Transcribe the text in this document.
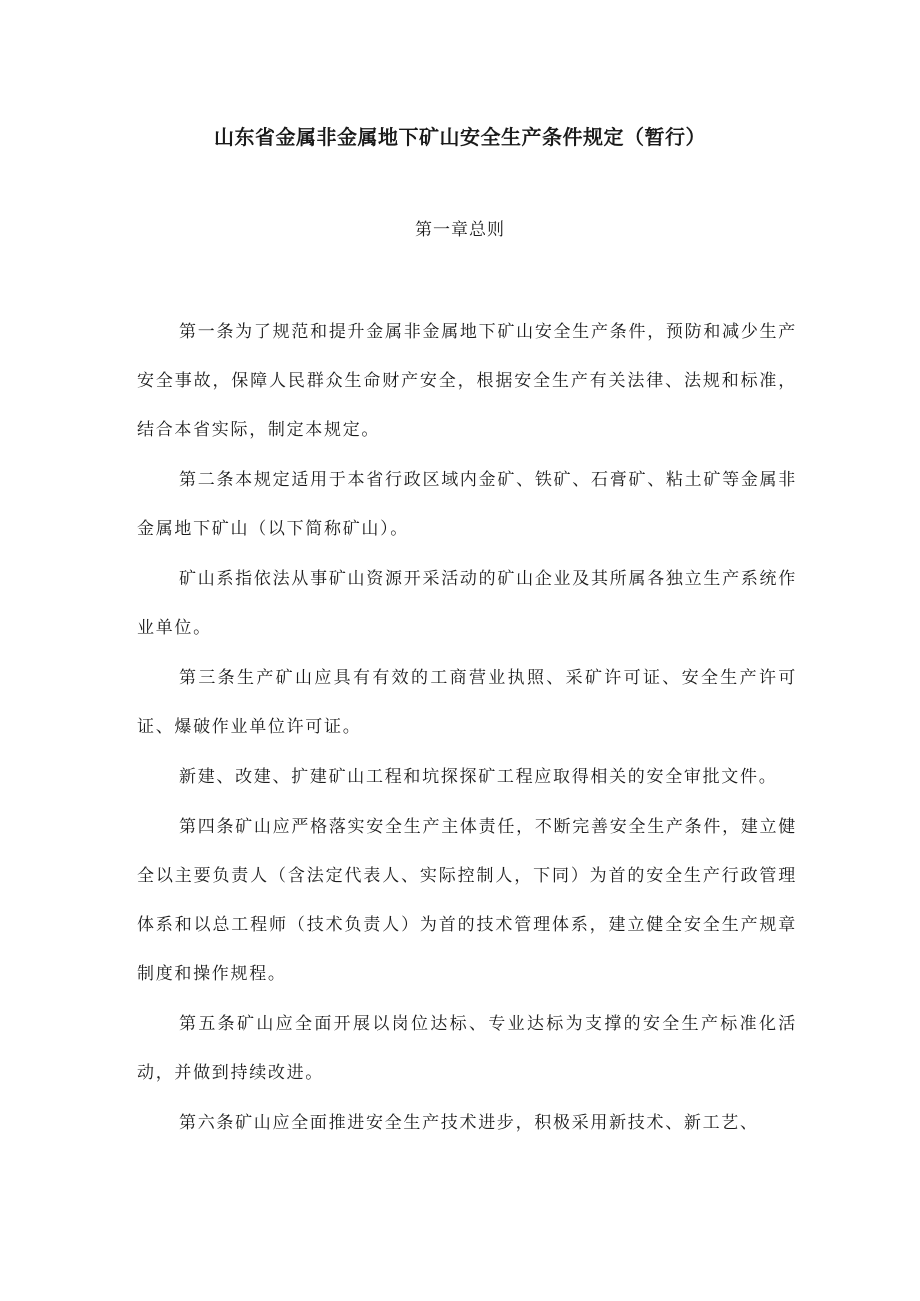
山东省金属非金属地下矿山安全生产条件规定（暂行）
第一章总则

第一条为了规范和提升金属非金属地下矿山安全生产条件，预防和减少生产安全事故，保障人民群众生命财产安全，根据安全生产有关法律、法规和标准，结合本省实际，制定本规定。

第二条本规定适用于本省行政区域内金矿、铁矿、石膏矿、粘土矿等金属非金属地下矿山（以下简称矿山）。

矿山系指依法从事矿山资源开采活动的矿山企业及其所属各独立生产系统作业单位。

第三条生产矿山应具有有效的工商营业执照、采矿许可证、安全生产许可证、爆破作业单位许可证。

新建、改建、扩建矿山工程和坑探探矿工程应取得相关的安全审批文件。

第四条矿山应严格落实安全生产主体责任，不断完善安全生产条件，建立健全以主要负责人（含法定代表人、实际控制人，下同）为首的安全生产行政管理体系和以总工程师（技术负责人）为首的技术管理体系，建立健全安全生产规章制度和操作规程。

第五条矿山应全面开展以岗位达标、专业达标为支撑的安全生产标准化活动，并做到持续改进。

第六条矿山应全面推进安全生产技术进步，积极采用新技术、新工艺、
